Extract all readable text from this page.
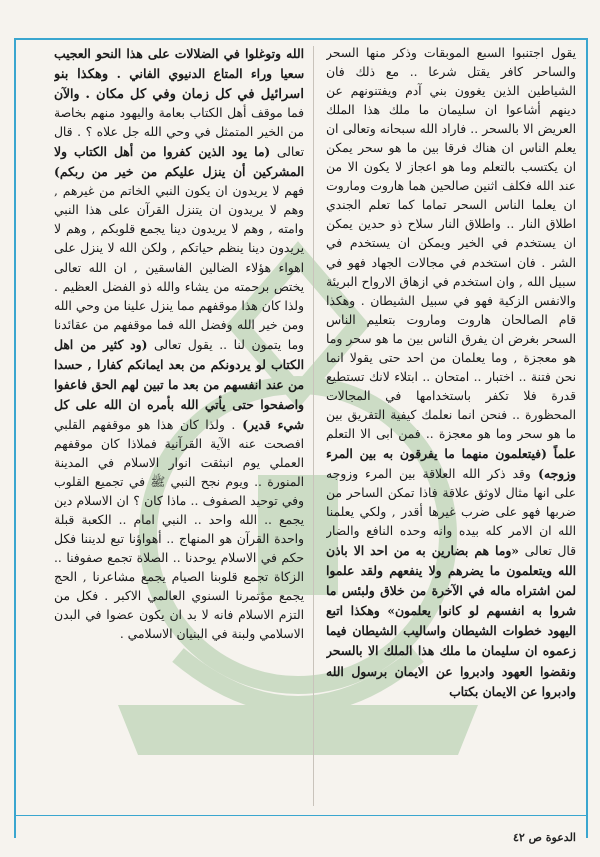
يقول اجتنبوا السبع الموبقات وذكر منها السحر والساحر كافر يقتل شرعا .. مع ذلك فان الشياطين الذين يغوون بني آدم ويفتنونهم عن دينهم أشاعوا ان سليمان ما ملك هذا الملك العريض الا بالسحر .. فاراد الله سبحانه وتعالى ان يعلم الناس ان هناك فرقا بين ما هو سحر يمكن ان يكتسب بالتعلم وما هو اعجاز لا يكون الا من عند الله فكلف اثنين صالحين هما هاروت وماروت ان يعلما الناس السحر تماما كما تعلم الجندي اطلاق النار .. واطلاق النار سلاح ذو حدين يمكن ان يستخدم في الخير ويمكن ان يستخدم في الشر . فان استخدم في مجالات الجهاد فهو في سبيل الله , وان استخدم في ازهاق الارواح البريئة والانفس الزكية فهو في سبيل الشيطان . وهكذا قام الصالحان هاروت وماروت بتعليم الناس السحر بغرض ان يفرق الناس بين ما هو سحر وما هو معجزة , وما يعلمان من احد حتى يقولا انما نحن فتنة .. اختبار .. امتحان .. ابتلاء لانك تستطيع قدرة فلا تكفر باستخدامها في المجالات المحظورة .. فنحن انما نعلمك كيفية التفريق بين ما هو سحر وما هو معجزة .. فمن ابى الا التعلم علماً (فيتعلمون منهما ما يفرقون به بين المرء وزوجه) وقد ذكر الله العلاقة بين المرء وزوجه على انها مثال لاوثق علاقة فاذا تمكن الساحر من ضربها فهو على ضرب غيرها أقدر , ولكي يعلمنا الله ان الامر كله بيده وانه وحده النافع والضار قال تعالى «وما هم بضارين به من احد الا باذن الله ويتعلمون ما يضرهم ولا ينفعهم ولقد علموا لمن اشتراه ماله في الآخرة من خلاق ولبئس ما شروا به انفسهم لو كانوا يعلمون» وهكذا اتبع اليهود خطوات الشيطان واساليب الشيطان فيما زعموه ان سليمان ما ملك هذا الملك الا بالسحر ونقضوا العهود وادبروا عن الايمان برسول الله وادبروا عن الايمان بكتاب

الله وتوغلوا في الضلالات على هذا النحو العجيب سعيا وراء المتاع الدنيوي الفاني . وهكذا بنو اسرائيل في كل زمان وفي كل مكان . والآن فما موقف أهل الكتاب بعامة واليهود منهم بخاصة من الخير المتمثل في وحي الله جل علاه ؟ . قال تعالى (ما يود الذين كفروا من أهل الكتاب ولا المشركين أن ينزل عليكم من خير من ربكم) فهم لا يريدون ان يكون النبي الخاتم من غيرهم , وهم لا يريدون ان يتنزل القرآن على هذا النبي وامته , وهم لا يريدون دينا يجمع قلوبكم , وهم لا يريدون دينا ينظم حياتكم , ولكن الله لا ينزل على اهواء هؤلاء الضالين الفاسقين , ان الله تعالى يختص برحمته من يشاء والله ذو الفضل العظيم . ولذا كان هذا موقفهم مما ينزل علينا من وحي الله ومن خير الله وفضل الله فما موقفهم من عقائدنا وما يتمون لنا .. يقول تعالى (ود كثير من اهل الكتاب لو يردونكم من بعد ايمانكم كفارا , حسدا من عند انفسهم من بعد ما تبين لهم الحق فاعفوا واصفحوا حتى يأتي الله بأمره ان الله على كل شيء قدير) . ولذا كان هذا هو موقفهم القلبي افصحت عنه الآية القرآنية فملاذا كان موقفهم العملي يوم انبثقت انوار الاسلام في المدينة المنورة .. ويوم نجح النبي ﷺ في تجميع القلوب وفي توحيد الصفوف .. ماذا كان ؟ ان الاسلام دين يجمع .. الله واحد .. النبي امام .. الكعبة قبلة واحدة القرآن هو المنهاج .. أهواؤنا تبع لديننا فكل حكم في الاسلام يوحدنا .. الصلاة تجمع صفوفنا .. الزكاة تجمع قلوبنا الصيام يجمع مشاعرنا , الحج يجمع مؤتمرنا السنوي العالمي الاكبر . فكل من التزم الاسلام فانه لا بد ان يكون عضوا في البدن الاسلامي ولبنة في البنيان الاسلامي .

الدعوة ص ٤٢
